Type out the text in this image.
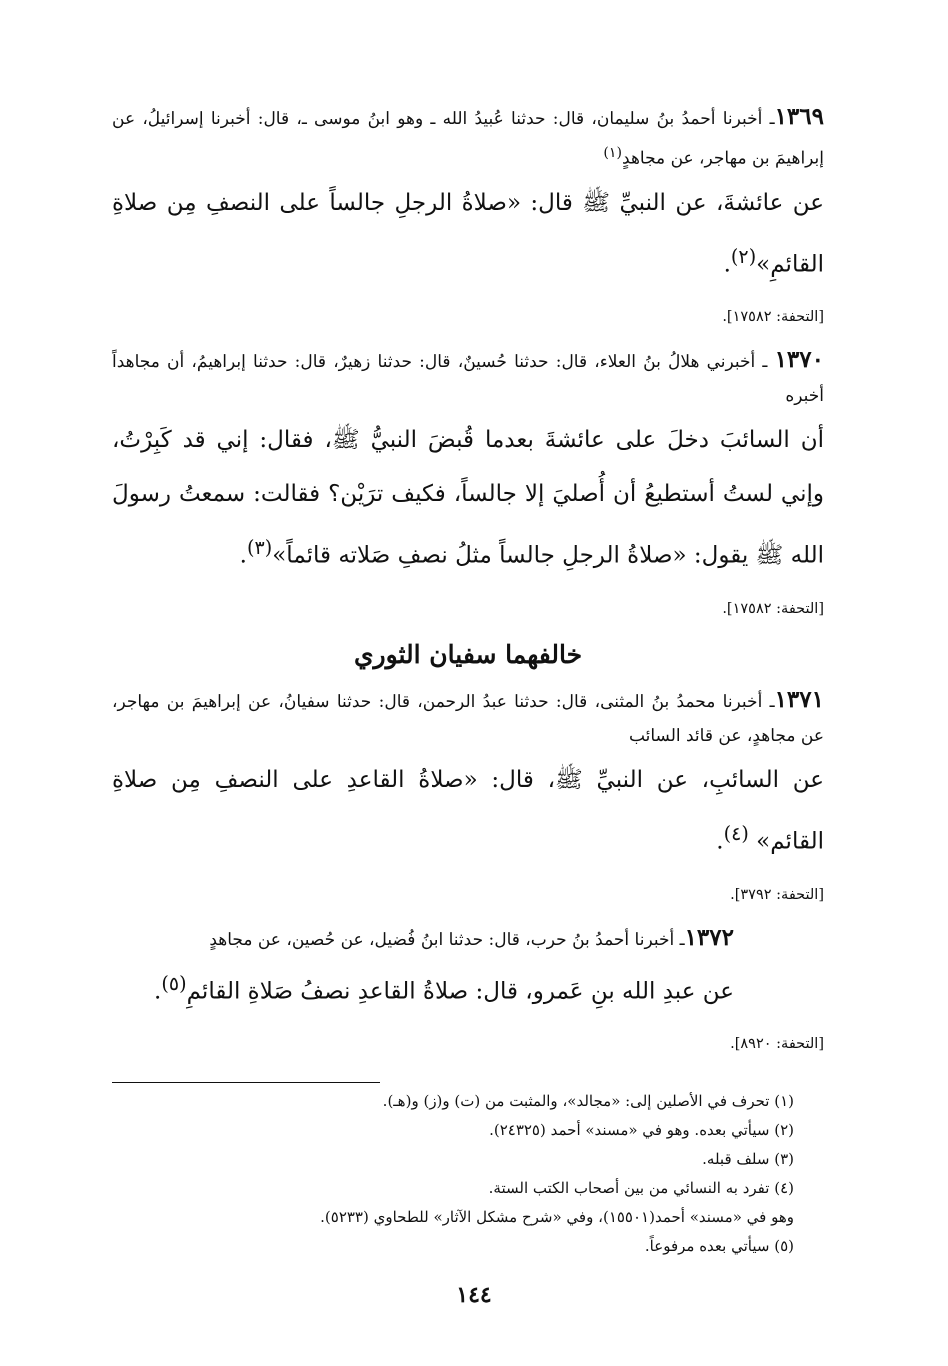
١٣٦٩ـ أخبرنا أحمدُ بنُ سليمان، قال: حدثنا عُبيدُ الله ـ وهو ابنُ موسى ـ، قال: أخبرنا إسرائيلُ، عن إبراهيمَ بن مهاجر، عن مجاهدٍ$^{(١)}$

عن عائشةَ، عن النبيِّ ﷺ قال: «صلاةُ الرجلِ جالساً على النصفِ مِن صلاةِ القائمِ»$^{(٢)}$.

[التحفة: ١٧٥٨٢].

١٣٧٠ ـ أخبرني هلالُ بنُ العلاء، قال: حدثنا حُسينٌ، قال: حدثنا زهيرٌ، قال: حدثنا إبراهيمُ، أن مجاهداً أخبره

أن السائبَ دخلَ على عائشةَ بعدما قُبضَ النبيُّ ﷺ، فقال: إني قد كَبِرْتُ، وإني لستُ أستطيعُ أن أُصليَ إلا جالساً، فكيف ترَيْن؟ فقالت: سمعتُ رسولَ الله ﷺ يقول: «صلاةُ الرجلِ جالساً مثلُ نصفِ صَلاته قائماً»$^{(٣)}$.

[التحفة: ١٧٥٨٢].

خالفهما سفيان الثوري

١٣٧١ـ أخبرنا محمدُ بنُ المثنى، قال: حدثنا عبدُ الرحمن، قال: حدثنا سفيانُ، عن إبراهيمَ بن مهاجر، عن مجاهدٍ، عن قائد السائب

عن السائبِ، عن النبيِّ ﷺ، قال: «صلاةُ القاعدِ على النصفِ مِن صلاةِ القائم» $^{(٤)}$.

[التحفة: ٣٧٩٢].

١٣٧٢ـ أخبرنا أحمدُ بنُ حرب، قال: حدثنا ابنُ فُضيل، عن حُصين، عن مجاهدٍ

عن عبدِ الله بنِ عَمرو، قال: صلاةُ القاعدِ نصفُ صَلاةِ القائمِ$^{(٥)}$.

[التحفة: ٨٩٢٠].

(١) تحرف في الأصلين إلى: «مجالد»، والمثبت من (ت) و(ز) و(هـ).
(٢) سيأتي بعده. وهو في «مسند» أحمد (٢٤٣٢٥).
(٣) سلف قبله.
(٤) تفرد به النسائي من بين أصحاب الكتب الستة.
وهو في «مسند» أحمد(١٥٥٠١)، وفي «شرح مشكل الآثار» للطحاوي (٥٢٣٣).
(٥) سيأتي بعده مرفوعاً.
١٤٤
